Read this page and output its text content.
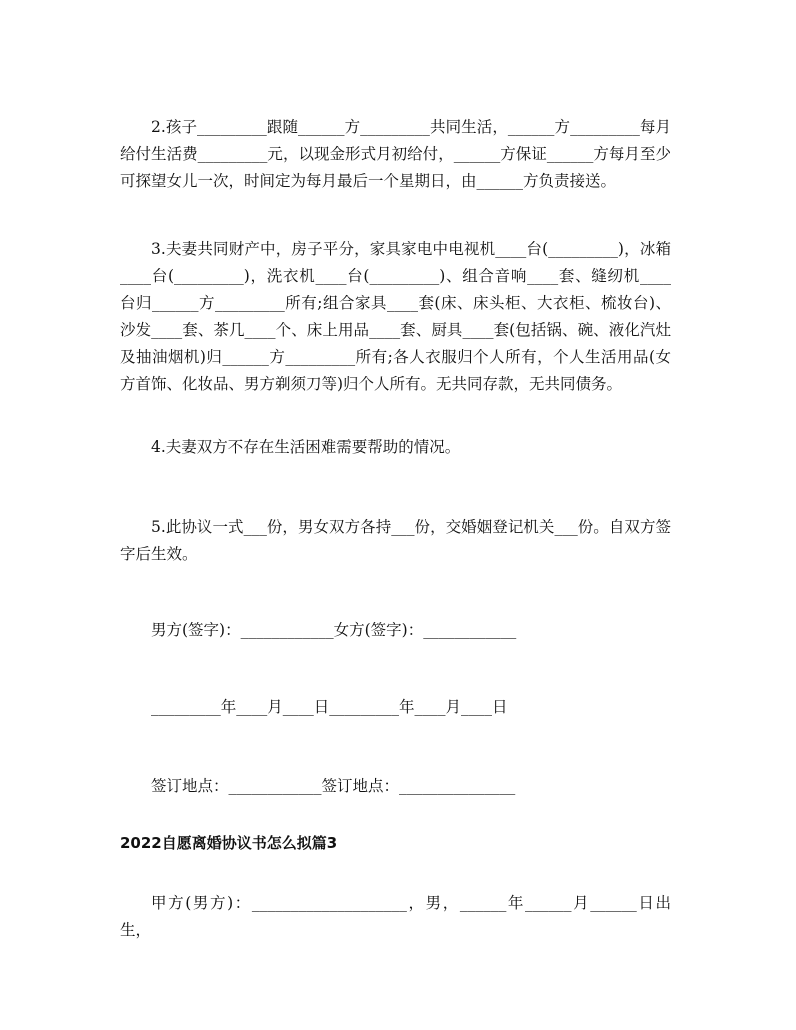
2.孩子_________跟随______方_________共同生活，______方_________每月给付生活费_________元，以现金形式月初给付，______方保证______方每月至少可探望女儿一次，时间定为每月最后一个星期日，由______方负责接送。

3.夫妻共同财产中，房子平分，家具家电中电视机____台(_________)，冰箱____台(_________)，洗衣机____台(_________)、组合音响____套、缝纫机____台归______方_________所有;组合家具____套(床、床头柜、大衣柜、梳妆台)、沙发____套、茶几____个、床上用品____套、厨具____套(包括锅、碗、液化汽灶及抽油烟机)归______方_________所有;各人衣服归个人所有，个人生活用品(女方首饰、化妆品、男方剃须刀等)归个人所有。无共同存款，无共同债务。

4.夫妻双方不存在生活困难需要帮助的情况。

5.此协议一式___份，男女双方各持___份，交婚姻登记机关___份。自双方签字后生效。

男方(签字)：____________女方(签字)：____________

_________年____月____日_________年____月____日

签订地点：____________签订地点：_______________

2022自愿离婚协议书怎么拟篇3

甲方(男方)：____________________，男，______年______月______日出生，
